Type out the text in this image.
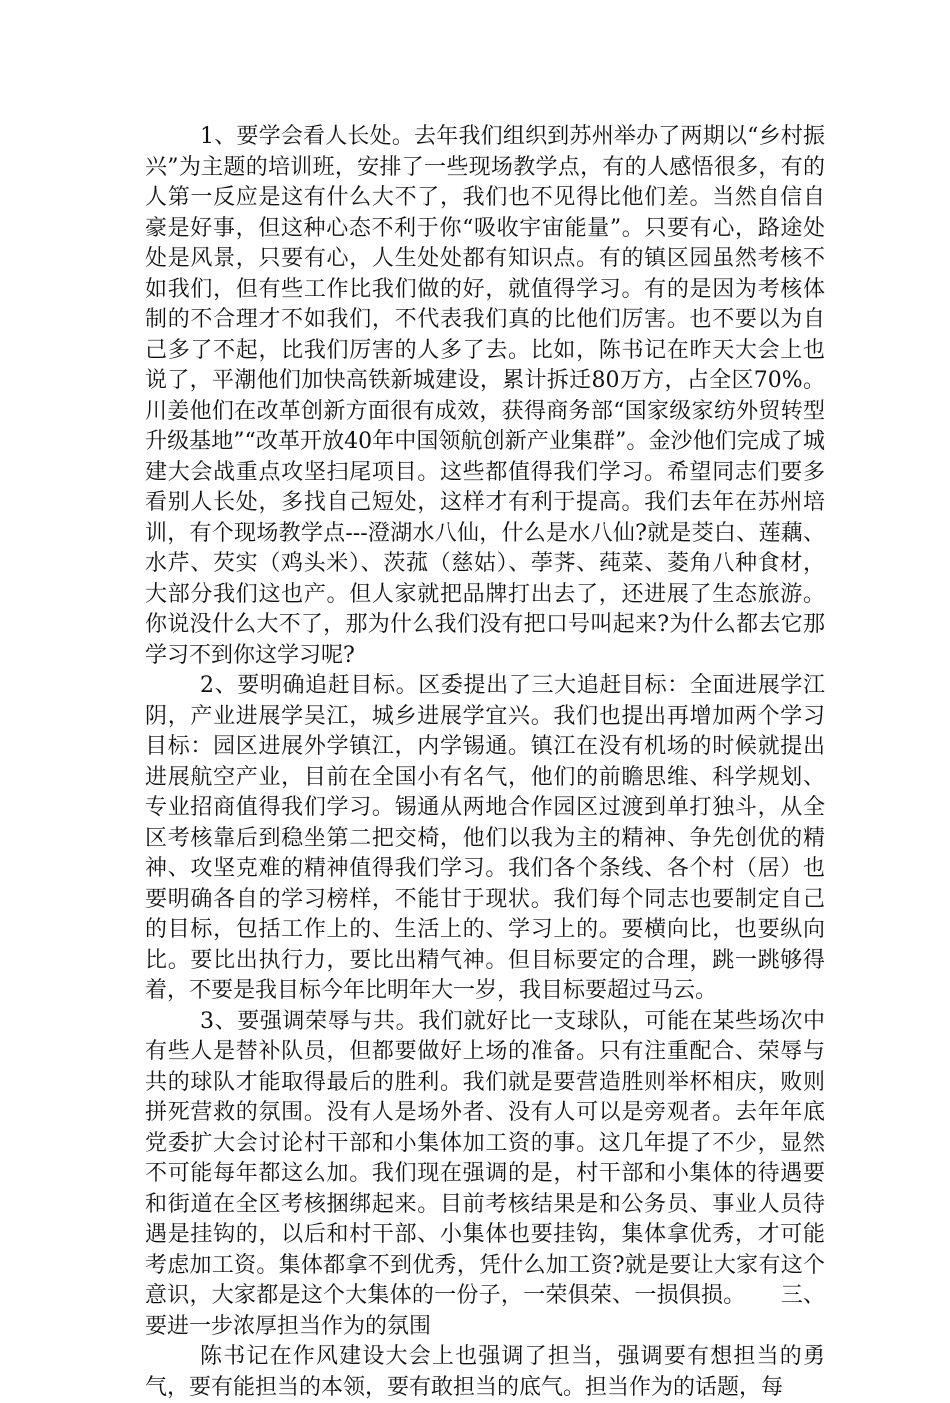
1、要学会看人长处。去年我们组织到苏州举办了两期以“乡村振兴”为主题的培训班，安排了一些现场教学点，有的人感悟很多，有的人第一反应是这有什么大不了，我们也不见得比他们差。当然自信自豪是好事，但这种心态不利于你“吸收宇宙能量”。只要有心，路途处处是风景，只要有心，人生处处都有知识点。有的镇区园虽然考核不如我们，但有些工作比我们做的好，就值得学习。有的是因为考核体制的不合理才不如我们，不代表我们真的比他们厉害。也不要以为自己多了不起，比我们厉害的人多了去。比如，陈书记在昨天大会上也说了，平潮他们加快高铁新城建设，累计拆迁80万方，占全区70%。川姜他们在改革创新方面很有成效，获得商务部“国家级家纺外贸转型升级基地”“改革开放40年中国领航创新产业集群”。金沙他们完成了城建大会战重点攻坚扫尾项目。这些都值得我们学习。希望同志们要多看别人长处，多找自己短处，这样才有利于提高。我们去年在苏州培训，有个现场教学点---澄湖水八仙，什么是水八仙?就是茭白、莲藕、水芹、芡实（鸡头米）、茨菰（慈姑）、荸荠、莼菜、菱角八种食材，大部分我们这也产。但人家就把品牌打出去了，还进展了生态旅游。你说没什么大不了，那为什么我们没有把口号叫起来?为什么都去它那学习不到你这学习呢?

2、要明确追赶目标。区委提出了三大追赶目标：全面进展学江阴，产业进展学吴江，城乡进展学宜兴。我们也提出再增加两个学习目标：园区进展外学镇江，内学锡通。镇江在没有机场的时候就提出进展航空产业，目前在全国小有名气，他们的前瞻思维、科学规划、专业招商值得我们学习。锡通从两地合作园区过渡到单打独斗，从全区考核靠后到稳坐第二把交椅，他们以我为主的精神、争先创优的精神、攻坚克难的精神值得我们学习。我们各个条线、各个村（居）也要明确各自的学习榜样，不能甘于现状。我们每个同志也要制定自己的目标，包括工作上的、生活上的、学习上的。要横向比，也要纵向比。要比出执行力，要比出精气神。但目标要定的合理，跳一跳够得着，不要是我目标今年比明年大一岁，我目标要超过马云。

3、要强调荣辱与共。我们就好比一支球队，可能在某些场次中有些人是替补队员，但都要做好上场的准备。只有注重配合、荣辱与共的球队才能取得最后的胜利。我们就是要营造胜则举杯相庆，败则拼死营救的氛围。没有人是场外者、没有人可以是旁观者。去年年底党委扩大会讨论村干部和小集体加工资的事。这几年提了不少，显然不可能每年都这么加。我们现在强调的是，村干部和小集体的待遇要和街道在全区考核捆绑起来。目前考核结果是和公务员、事业人员待遇是挂钩的，以后和村干部、小集体也要挂钩，集体拿优秀，才可能考虑加工资。集体都拿不到优秀，凭什么加工资?就是要让大家有这个意识，大家都是这个大集体的一份子，一荣俱荣、一损俱损。 三、要进一步浓厚担当作为的氛围

陈书记在作风建设大会上也强调了担当，强调要有想担当的勇气，要有能担当的本领，要有敢担当的底气。担当作为的话题，每
